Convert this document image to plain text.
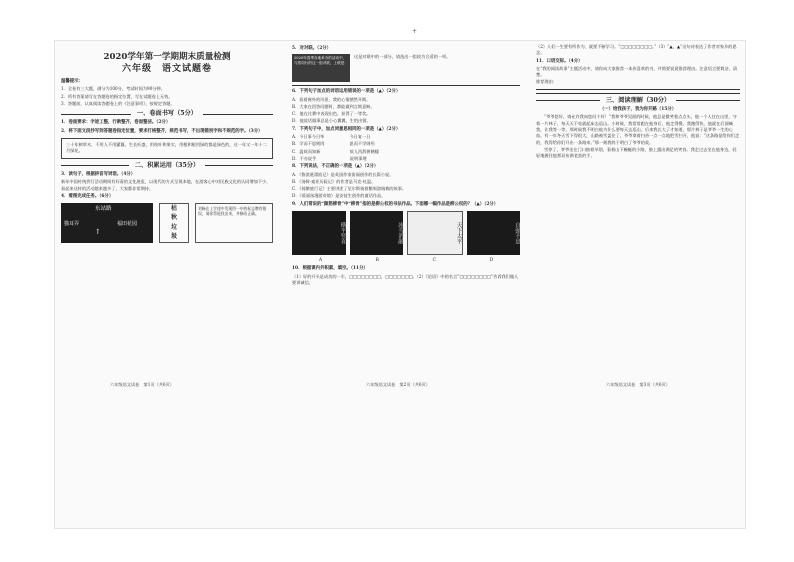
+
2020学年第一学期期末质量检测
六年级　语文试题卷

温馨提示：

1．全卷有三大题，满分为100分，考试时间为90分钟。

2．所有答案请写在答题卷的指定位置，写在试题卷上无效。

3．答题前，认真阅读答题卷上的《注意事项》，按规定答题。

一、卷面书写（5分）

1．卷面要求：字迹工整，行款整齐，卷面整洁。（2分）

2．将下面文段抄写到答题卷指定位置，要求打格整齐，规范书写，不出现错别字和不规范的字。（3分）

三十年树草木，不用人不用灌溉，生长旺盛，用枝叶和果实，用根和根用绿的都是绿色的，这一年又一年十二月绿花。
二、积累运用（35分）

3．读句子，根据拼音写词语。（4分）

新年中国传统赏灯活动期间有好看的文化展览，以现代的方式呈现本地，在游客心中对民族文化的认同增加不少，看起来这样的活动越来越多了，大家都非常期待。

4．看图完成任务。（6分）

东站路
猫耳弄	福田花园
↑
枯
秋
垃
圾
刘畅在上学途中发现图一中的标志牌有错误，请你帮他找出来，并修改正确。
六年级语文试卷　第1页（共6页）

5．对对联。（2分）

2020年春季各地举办的活动中，与你同行的这一组对联，上联是：
这是对联中的一部分，请选出一组较为合适的一项。

6．下列句子加点的词语运用错误的一项是（▲）（2分）

A．看着窗外的风景，我的心情豁然开朗。

B．大家在回答问题时，都能做到言简意赅。

C．他在比赛中表现出色，获得了一等奖。

D．他说话做事总是小心翼翼，生怕出错。

7．下列句子中，加点词意思相同的一项是（▲）（2分）

A．今日事今日毕　　　　　　今日复一日

B．学而不思则罔　　　　　　思而不学则殆

C．温故而知新　　　　　　　故人西辞黄鹤楼

D．不亦说乎　　　　　　　　说明事理

8．下列说法，不正确的一项是（▲）（2分）

A．《鲁滨逊漂流记》是英国作家笛福创作的长篇小说。

B．《汤姆·索亚历险记》的作者是马克·吐温。

C．《骑鹅旅行记》主要讲述了尼尔斯骑着鹅周游瑞典的故事。

D．《爱丽丝漫游奇境》是安徒生创作的童话作品。

9．人们常说的“颜筋柳骨”中“柳骨”指的是柳公权的书法作品。下面哪一幅作品是柳公权的？（▲）（2分）

横平竖直	冰雪消融	天下太平	自强不息
A	B	C	D

10．根据课内外积累，填空。（11分）

（1）好的开头是成功的一半，□□□□□□□□，□□□□□□□。（2）《论语》中的名言“□□□□□□□□”告诉我们做人要讲诚信。

六年级语文试卷　第2页（共6页）

（2）人们一生要有所作为，就要不断学习。“□□□□□□□□。”（3）“▲，▲”这句诗表达了作者对家乡的思念。

11．口语交际。（4分）

在“我的阅读故事”主题活动中，请你向大家推荐一本你喜欢的书，并简要说说推荐理由。注意语言要简洁、清楚。

推荐理由：

三、阅读理解（30分）

（一）给我孩子，我为你开路（15分）

“爷爷您好，请允许我向您问个好！”我和爷爷见面的时候，他总是微笑着点点头，他一个人住在山里，守着一片林子，每天天不亮就起床去巡山。小时候，我常常跟在他身后，他走得慢，我跑得快，他就在后面喊我，让我等一等。那时候我不明白他为什么要每天去巡山，后来我长大了才知道，那片林子是爷爷一生的心血。有一年冬天雪下得很大，山路被雪盖住了，爷爷拿着扫帚一点一点地把雪扫开，他说：“这条路是给你们走的，我得给你们开出一条路来。”那一刻我终于明白了爷爷的爱。

雪停了，爷爷坐在门口抽着旱烟，看着山下蜿蜒的小路，脸上露出满足的笑容。我走过去坐在他身边，轻轻地握住他那双布满老茧的手。

六年级语文试卷　第3页（共6页）
